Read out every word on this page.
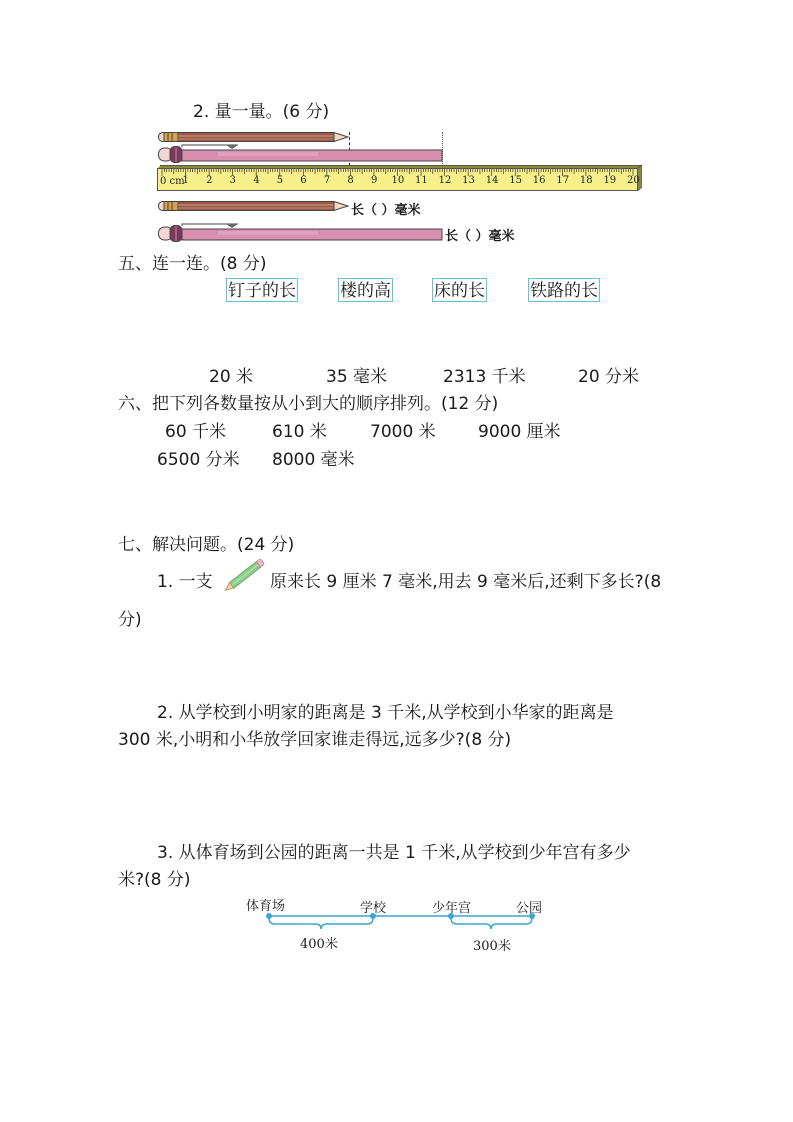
2. 量一量。(6 分)
0 cm
1 2 3 4 5 6 7 8 9 10 11 12 13 14 15 16 17 18 19 20
长（ ）毫米
长（ ）毫米
五、连一连。(8 分)
钉子的长	楼的高	床的长	铁路的长
20 米	35 毫米	2313 千米	20 分米
六、把下列各数量按从小到大的顺序排列。(12 分)
60 千米	610 米	7000 米 9000 厘米
6500 分米 8000 毫米
七、解决问题。(24 分)
1. 一支	原来长 9 厘米 7 毫米,用去 9 毫米后,还剩下多长?(8
分)
2. 从学校到小明家的距离是 3 千米,从学校到小华家的距离是
300 米,小明和小华放学回家谁走得远,远多少?(8 分)
3. 从体育场到公园的距离一共是 1 千米,从学校到少年宫有多少
米?(8 分)
体育场	学校	少年宫	公园
400米	300米
